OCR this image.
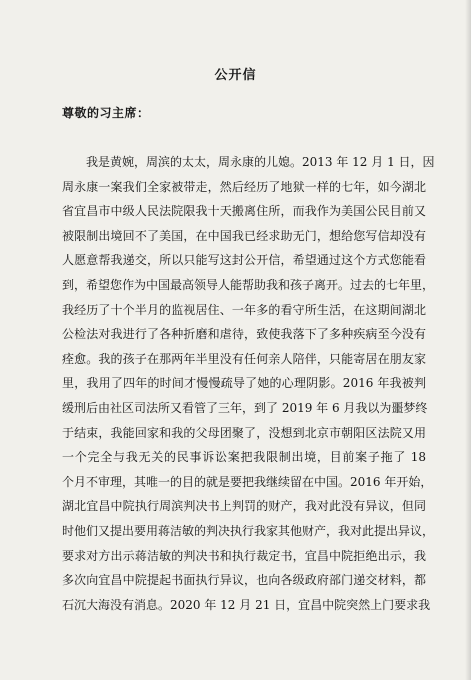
公开信
尊敬的习主席：
我是黄婉，周滨的太太，周永康的儿媳。2013 年 12 月 1 日，因
周永康一案我们全家被带走，然后经历了地狱一样的七年，如今湖北
省宜昌市中级人民法院限我十天搬离住所，而我作为美国公民目前又
被限制出境回不了美国，在中国我已经求助无门，想给您写信却没有
人愿意帮我递交，所以只能写这封公开信，希望通过这个方式您能看
到，希望您作为中国最高领导人能帮助我和孩子离开。过去的七年里，
我经历了十个半月的监视居住、一年多的看守所生活，在这期间湖北
公检法对我进行了各种折磨和虐待，致使我落下了多种疾病至今没有
痊愈。我的孩子在那两年半里没有任何亲人陪伴，只能寄居在朋友家
里，我用了四年的时间才慢慢疏导了她的心理阴影。2016 年我被判
缓刑后由社区司法所又看管了三年，到了 2019 年 6 月我以为噩梦终
于结束，我能回家和我的父母团聚了，没想到北京市朝阳区法院又用
一个完全与我无关的民事诉讼案把我限制出境，目前案子拖了 18
个月不审理，其唯一的目的就是要把我继续留在中国。2016 年开始，
湖北宜昌中院执行周滨判决书上判罚的财产，我对此没有异议，但同
时他们又提出要用蒋洁敏的判决执行我家其他财产，我对此提出异议，
要求对方出示蒋洁敏的判决书和执行裁定书，宜昌中院拒绝出示，我
多次向宜昌中院提起书面执行异议，也向各级政府部门递交材料，都
石沉大海没有消息。2020 年 12 月 21 日，宜昌中院突然上门要求我
